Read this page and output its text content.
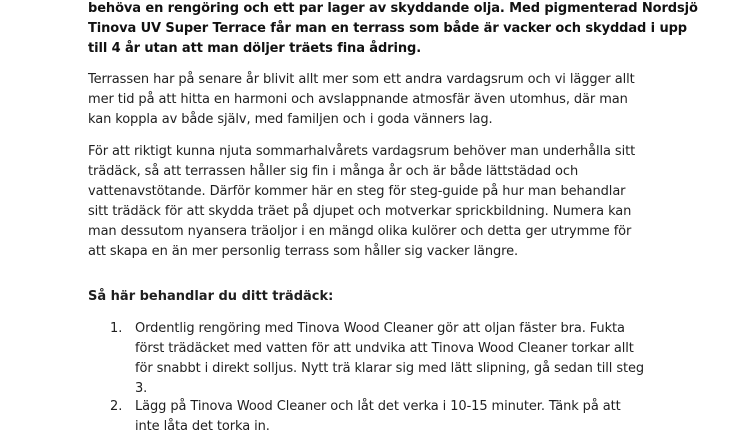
behöva en rengöring och ett par lager av skyddande olja. Med pigmenterad Nordsjö
Tinova UV Super Terrace får man en terrass som både är vacker och skyddad i upp
till 4 år utan att man döljer träets fina ådring.

Terrassen har på senare år blivit allt mer som ett andra vardagsrum och vi lägger allt
mer tid på att hitta en harmoni och avslappnande atmosfär även utomhus, där man
kan koppla av både själv, med familjen och i goda vänners lag.

För att riktigt kunna njuta sommarhalvårets vardagsrum behöver man underhålla sitt
trädäck, så att terrassen håller sig fin i många år och är både lättstädad och
vattenavstötande. Därför kommer här en steg för steg-guide på hur man behandlar
sitt trädäck för att skydda träet på djupet och motverkar sprickbildning. Numera kan
man dessutom nyansera träoljor i en mängd olika kulörer och detta ger utrymme för
att skapa en än mer personlig terrass som håller sig vacker längre.

Så här behandlar du ditt trädäck:
1. Ordentlig rengöring med Tinova Wood Cleaner gör att oljan fäster bra. Fukta
först trädäcket med vatten för att undvika att Tinova Wood Cleaner torkar allt
för snabbt i direkt solljus. Nytt trä klarar sig med lätt slipning, gå sedan till steg
3.
2. Lägg på Tinova Wood Cleaner och låt det verka i 10-15 minuter. Tänk på att
inte låta det torka in.
